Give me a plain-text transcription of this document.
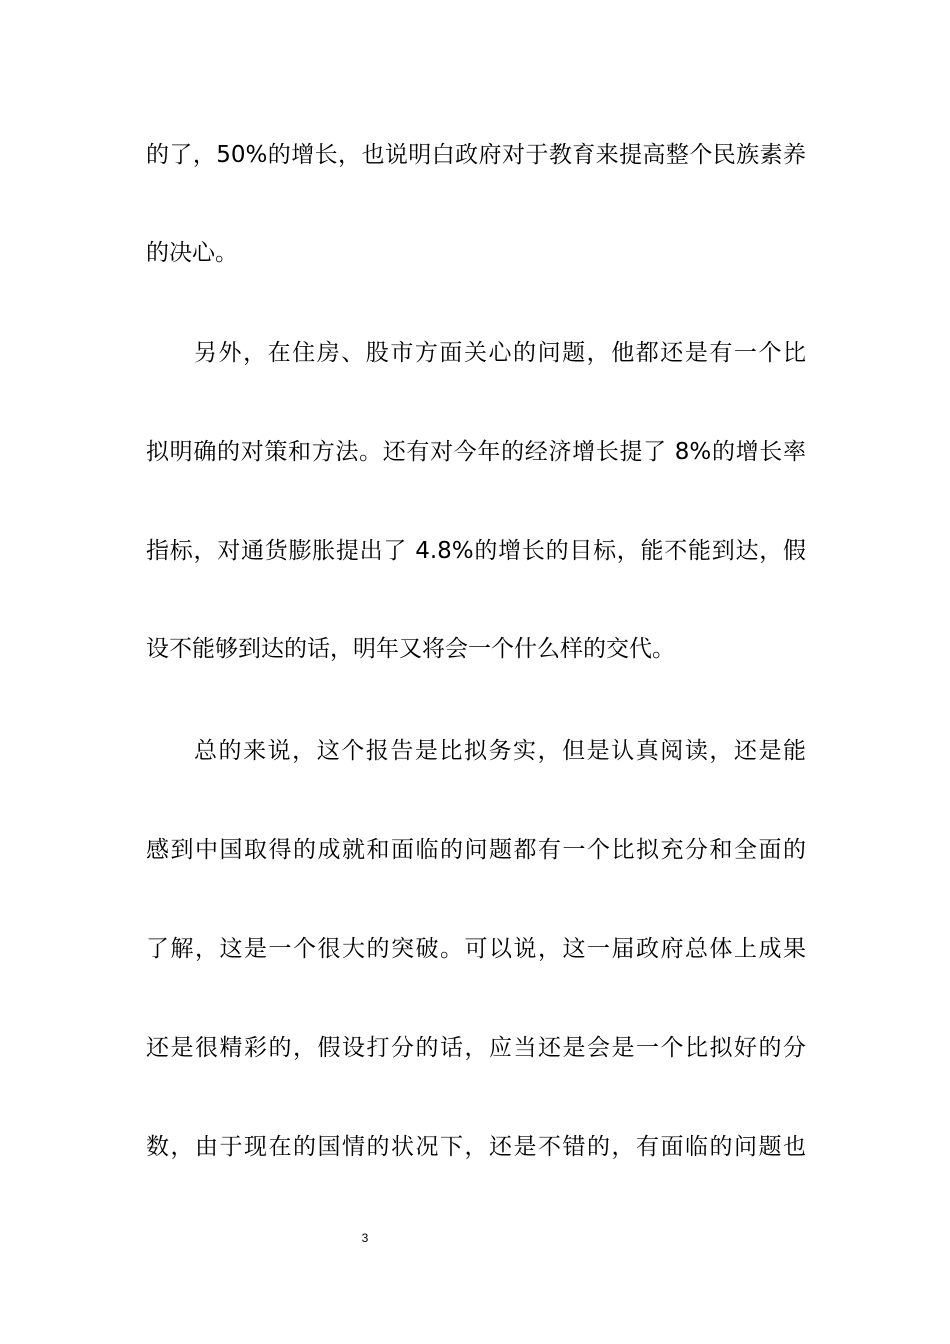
的了，50%的增长，也说明白政府对于教育来提高整个民族素养
的决心。
另外，在住房、股市方面关心的问题，他都还是有一个比
拟明确的对策和方法。还有对今年的经济增长提了 8%的增长率
指标，对通货膨胀提出了 4.8%的增长的目标，能不能到达，假
设不能够到达的话，明年又将会一个什么样的交代。
总的来说，这个报告是比拟务实，但是认真阅读，还是能
感到中国取得的成就和面临的问题都有一个比拟充分和全面的
了解，这是一个很大的突破。可以说，这一届政府总体上成果
还是很精彩的，假设打分的话，应当还是会是一个比拟好的分
数，由于现在的国情的状况下，还是不错的，有面临的问题也
3
